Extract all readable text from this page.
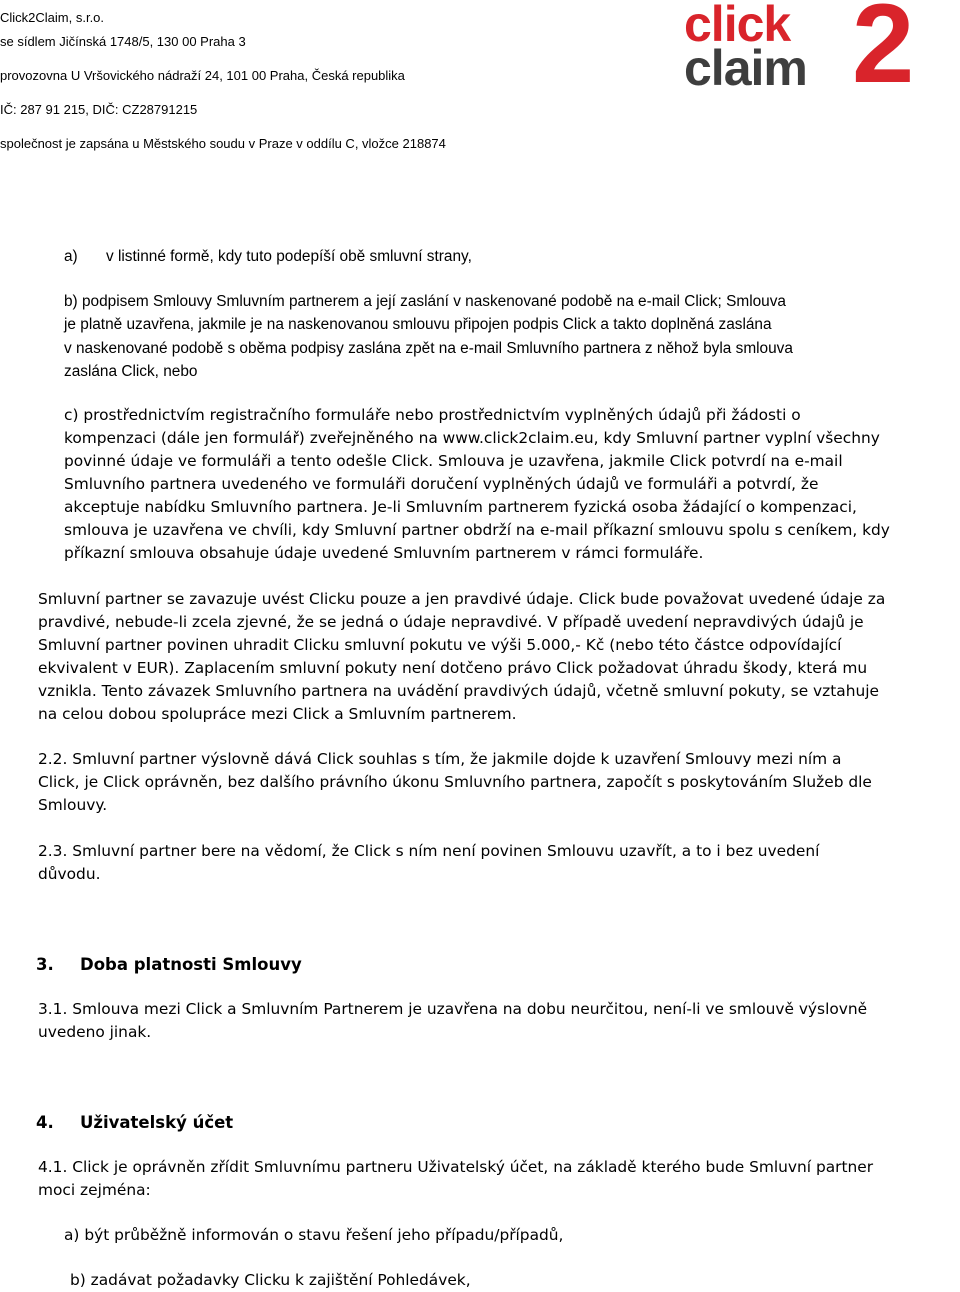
Click2Claim, s.r.o.

se sídlem Jičínská 1748/5, 130 00 Praha 3

provozovna U Vršovického nádraží 24, 101 00 Praha, Česká republika

IČ: 287 91 215, DIČ: CZ28791215

společnost je zapsána u Městského soudu v Praze v oddílu C, vložce 218874

click
claim 2

a) v listinné formě, kdy tuto podepíší obě smluvní strany,

b) podpisem Smlouvy Smluvním partnerem a její zaslání v naskenované podobě na e-mail Click; Smlouva

je platně uzavřena, jakmile je na naskenovanou smlouvu připojen podpis Click a takto doplněná zaslána

v naskenované podobě s oběma podpisy zaslána zpět na e-mail Smluvního partnera z něhož byla smlouva

zaslána Click, nebo

c) prostřednictvím registračního formuláře nebo prostřednictvím vyplněných údajů při žádosti o

kompenzaci (dále jen formulář) zveřejněného na www.click2claim.eu, kdy Smluvní partner vyplní všechny

povinné údaje ve formuláři a tento odešle Click. Smlouva je uzavřena, jakmile Click potvrdí na e-mail

Smluvního partnera uvedeného ve formuláři doručení vyplněných údajů ve formuláři a potvrdí, že

akceptuje nabídku Smluvního partnera. Je-li Smluvním partnerem fyzická osoba žádající o kompenzaci,

smlouva je uzavřena ve chvíli, kdy Smluvní partner obdrží na e-mail příkazní smlouvu spolu s ceníkem, kdy

příkazní smlouva obsahuje údaje uvedené Smluvním partnerem v rámci formuláře.

Smluvní partner se zavazuje uvést Clicku pouze a jen pravdivé údaje. Click bude považovat uvedené údaje za

pravdivé, nebude-li zcela zjevné, že se jedná o údaje nepravdivé. V případě uvedení nepravdivých údajů je

Smluvní partner povinen uhradit Clicku smluvní pokutu ve výši 5.000,- Kč (nebo této částce odpovídající

ekvivalent v EUR). Zaplacením smluvní pokuty není dotčeno právo Click požadovat úhradu škody, která mu

vznikla. Tento závazek Smluvního partnera na uvádění pravdivých údajů, včetně smluvní pokuty, se vztahuje

na celou dobou spolupráce mezi Click a Smluvním partnerem.

2.2. Smluvní partner výslovně dává Click souhlas s tím, že jakmile dojde k uzavření Smlouvy mezi ním a

Click, je Click oprávněn, bez dalšího právního úkonu Smluvního partnera, započít s poskytováním Služeb dle

Smlouvy.

2.3. Smluvní partner bere na vědomí, že Click s ním není povinen Smlouvu uzavřít, a to i bez uvedení

důvodu.

3. Doba platnosti Smlouvy

3.1. Smlouva mezi Click a Smluvním Partnerem je uzavřena na dobu neurčitou, není-li ve smlouvě výslovně

uvedeno jinak.

4. Uživatelský účet

4.1. Click je oprávněn zřídit Smluvnímu partneru Uživatelský účet, na základě kterého bude Smluvní partner

moci zejména:

a) být průběžně informován o stavu řešení jeho případu/případů,

b) zadávat požadavky Clicku k zajištění Pohledávek,
